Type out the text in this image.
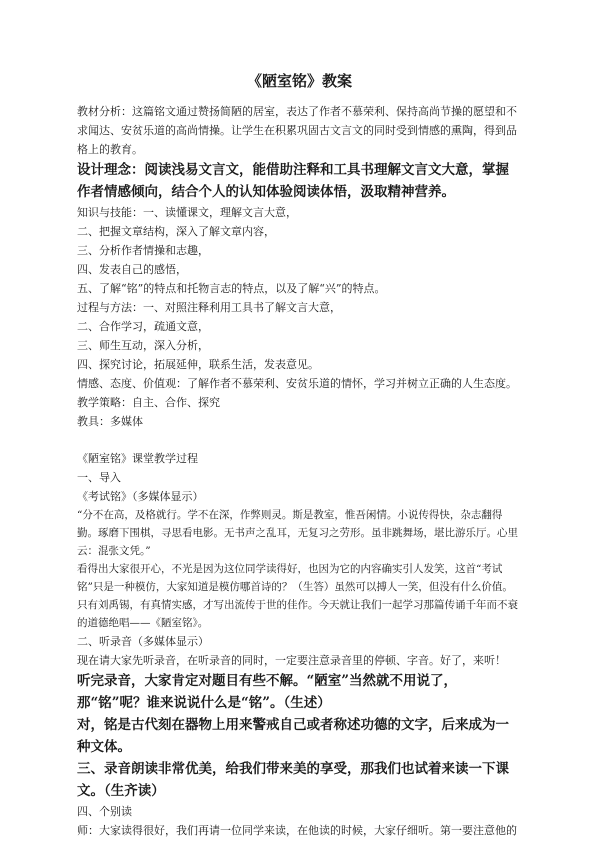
《陋室铭》教案

教材分析：这篇铭文通过赞扬简陋的居室，表达了作者不慕荣利、保持高尚节操的愿望和不求闻达、安贫乐道的高尚情操。让学生在积累巩固古文言文的同时受到情感的熏陶，得到品格上的教育。

设计理念：阅读浅易文言文，能借助注释和工具书理解文言文大意，掌握作者情感倾向，结合个人的认知体验阅读体悟，汲取精神营养。

知识与技能：一、读懂课文，理解文言大意，

二、把握文章结构，深入了解文章内容，

三、分析作者情操和志趣，

四、发表自己的感悟，

五、了解“铭”的特点和托物言志的特点，以及了解“兴”的特点。

过程与方法：一、对照注释利用工具书了解文言大意，

二、合作学习，疏通文意，

三、师生互动，深入分析，

四、探究讨论，拓展延伸，联系生活，发表意见。

情感、态度、价值观：了解作者不慕荣利、安贫乐道的情怀，学习并树立正确的人生态度。

教学策略：自主、合作、探究

教具：多媒体

《陋室铭》课堂教学过程

一、导入

《考试铭》（多媒体显示）

“分不在高，及格就行。学不在深，作弊则灵。斯是教室，惟吾闲情。小说传得快，杂志翻得勤。琢磨下围棋，寻思看电影。无书声之乱耳，无复习之劳形。虽非跳舞场，堪比游乐厅。心里云：混张文凭。”

看得出大家很开心，不光是因为这位同学读得好，也因为它的内容确实引人发笑，这首“考试铭”只是一种模仿，大家知道是模仿哪首诗的？（生答）虽然可以搏人一笑，但没有什么价值。只有刘禹锡，有真情实感，才写出流传于世的佳作。今天就让我们一起学习那篇传诵千年而不衰的道德绝唱——《陋室铭》。

二、听录音（多媒体显示）

现在请大家先听录音，在听录音的同时，一定要注意录音里的停顿、字音。好了，来听！

听完录音，大家肯定对题目有些不解。“陋室”当然就不用说了，那“铭”呢？谁来说说什么是“铭”。（生述）

对，铭是古代刻在器物上用来警戒自己或者称述功德的文字，后来成为一种文体。

三、录音朗读非常优美，给我们带来美的享受，那我们也试着来读一下课文。（生齐读）

四、个别读

师：大家读得很好，我们再请一位同学来读，在他读的时候，大家仔细听。第一要注意他的
